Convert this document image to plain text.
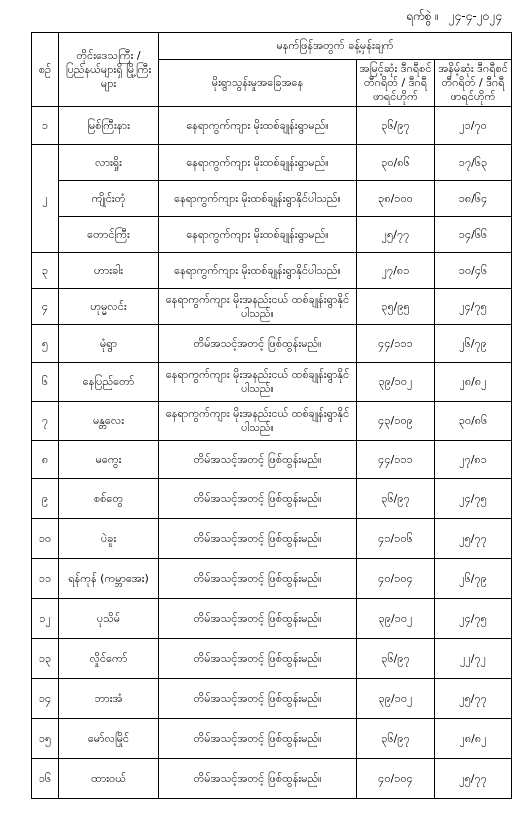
ရက်စွဲ ။ ၂၄-၄-၂၀၂၄
စဉ်	တိုင်းဒေသကြီး / ပြည်နယ်များရှိ မြို့ကြီးများ	မနက်ဖြန်အတွက် ခန့်မှန်းချက်		
		မိုးရွာသွန်းမှုအခြေအနေ	အမြင့်ဆုံး ဒီဂရီစင်တီဂရိတ် / ဒီဂရီဖာရင်ဟိုက်	အနိမ့်ဆုံး ဒီဂရီစင်တီဂရိတ် / ဒီဂရီဖာရင်ဟိုက်
၁	မြစ်ကြီးနား	နေရာကွက်ကျား မိုးထစ်ချုန်းရွာမည်။	၃၆/၉၇	၂၁/၇၀
၂	လားရှိုး	နေရာကွက်ကျား မိုးထစ်ချုန်းရွာမည်။	၃၀/၈၆	၁၇/၆၃
	ကျိုင်းတုံ	နေရာကွက်ကျား မိုးထစ်ချုန်းရွာနိုင်ပါသည်။	၃၈/၁၀၀	၁၈/၆၄
	တောင်ကြီး	နေရာကွက်ကျား မိုးထစ်ချုန်းရွာမည်။	၂၅/၇၇	၁၄/၆၆
၃	ဟားခါး	နေရာကွက်ကျား မိုးထစ်ချုန်းရွာနိုင်ပါသည်။	၂၇/၈၁	၁၀/၄၆
၄	ဟုမ္မလင်း	နေရာကွက်ကျား မိုးအနည်းငယ် ထစ်ချုန်းရွာနိုင်ပါသည်။	၃၅/၉၅	၂၄/၇၅
၅	မုံရွာ	တိမ်အသင့်အတင့် ဖြစ်ထွန်းမည်။	၄၄/၁၁၁	၂၆/၇၉
၆	နေပြည်တော်	နေရာကွက်ကျား မိုးအနည်းငယ် ထစ်ချုန်းရွာနိုင်ပါသည်။	၃၉/၁၀၂	၂၈/၈၂
၇	မန္တလေး	နေရာကွက်ကျား မိုးအနည်းငယ် ထစ်ချုန်းရွာနိုင်ပါသည်။	၄၃/၁၀၉	၃၀/၈၆
၈	မကွေး	တိမ်အသင့်အတင့် ဖြစ်ထွန်းမည်။	၄၄/၁၁၁	၂၇/၈၁
၉	စစ်တွေ	တိမ်အသင့်အတင့် ဖြစ်ထွန်းမည်။	၃၆/၉၇	၂၄/၇၅
၁၀	ပဲခူး	တိမ်အသင့်အတင့် ဖြစ်ထွန်းမည်။	၄၁/၁၀၆	၂၅/၇၇
၁၁	ရန်ကုန် (ကမ္ဘာအေး)	တိမ်အသင့်အတင့် ဖြစ်ထွန်းမည်။	၄၀/၁၀၄	၂၆/၇၉
၁၂	ပုသိမ်	တိမ်အသင့်အတင့် ဖြစ်ထွန်းမည်။	၃၉/၁၀၂	၂၄/၇၅
၁၃	လှိုင်ကော်	တိမ်အသင့်အတင့် ဖြစ်ထွန်းမည်။	၃၆/၉၇	၂၂/၇၂
၁၄	ဘားအံ	တိမ်အသင့်အတင့် ဖြစ်ထွန်းမည်။	၃၉/၁၀၂	၂၅/၇၇
၁၅	မော်လမြိုင်	တိမ်အသင့်အတင့် ဖြစ်ထွန်းမည်။	၃၆/၉၇	၂၈/၈၂
၁၆	ထားဝယ်	တိမ်အသင့်အတင့် ဖြစ်ထွန်းမည်။	၄၀/၁၀၄	၂၅/၇၇
